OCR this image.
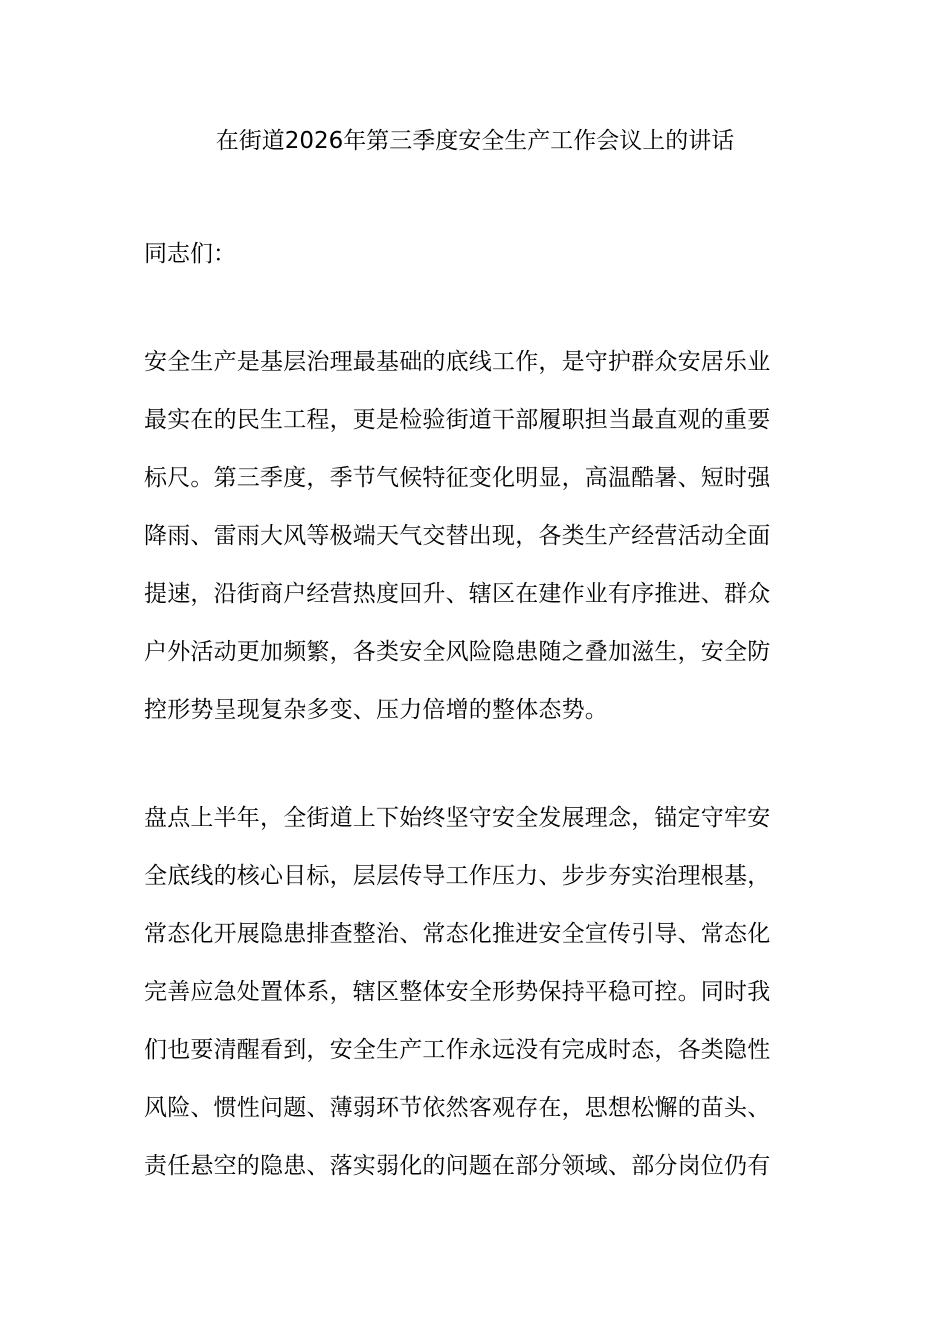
在街道2026年第三季度安全生产工作会议上的讲话
同志们：
安全生产是基层治理最基础的底线工作，是守护群众安居乐业
最实在的民生工程，更是检验街道干部履职担当最直观的重要
标尺。第三季度，季节气候特征变化明显，高温酷暑、短时强
降雨、雷雨大风等极端天气交替出现，各类生产经营活动全面
提速，沿街商户经营热度回升、辖区在建作业有序推进、群众
户外活动更加频繁，各类安全风险隐患随之叠加滋生，安全防
控形势呈现复杂多变、压力倍增的整体态势。
盘点上半年，全街道上下始终坚守安全发展理念，锚定守牢安
全底线的核心目标，层层传导工作压力、步步夯实治理根基，
常态化开展隐患排查整治、常态化推进安全宣传引导、常态化
完善应急处置体系，辖区整体安全形势保持平稳可控。同时我
们也要清醒看到，安全生产工作永远没有完成时态，各类隐性
风险、惯性问题、薄弱环节依然客观存在，思想松懈的苗头、
责任悬空的隐患、落实弱化的问题在部分领域、部分岗位仍有
